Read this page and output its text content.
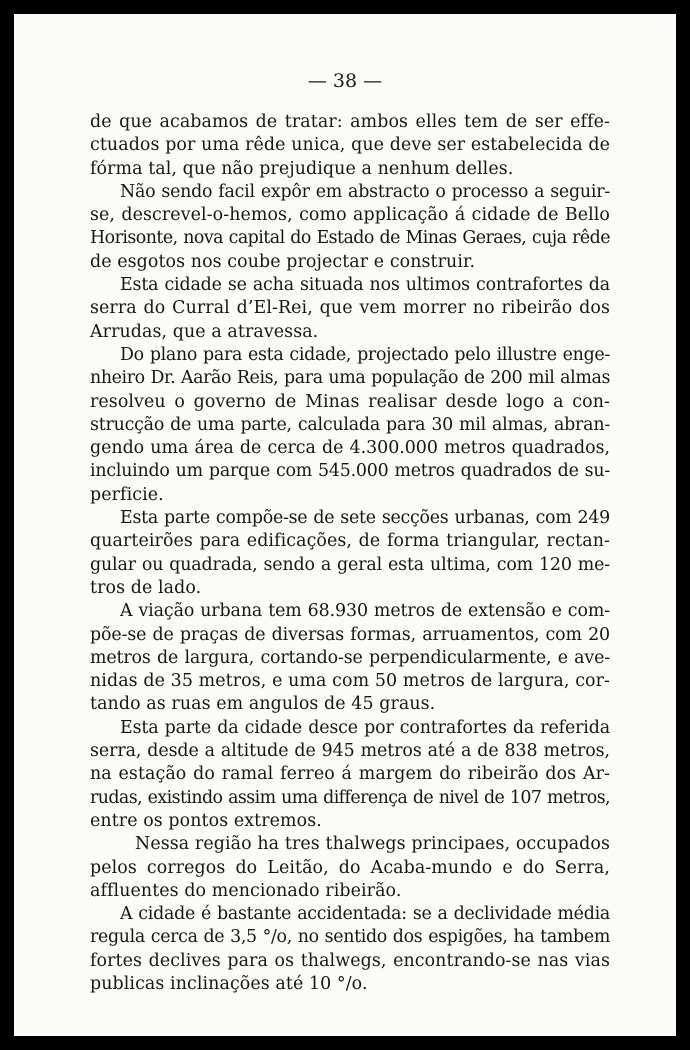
— 38 —
de que acabamos de tratar: ambos elles tem de ser effe-
ctuados por uma rêde unica, que deve ser estabelecida de
fórma tal, que não prejudique a nenhum delles.
Não sendo facil expôr em abstracto o processo a seguir-
se, descrevel-o-hemos, como applicação á cidade de Bello
Horisonte, nova capital do Estado de Minas Geraes, cuja rêde
de esgotos nos coube projectar e construir.
Esta cidade se acha situada nos ultimos contrafortes da
serra do Curral d’El-Rei, que vem morrer no ribeirão dos
Arrudas, que a atravessa.
Do plano para esta cidade, projectado pelo illustre enge-
nheiro Dr. Aarão Reis, para uma população de 200 mil almas
resolveu o governo de Minas realisar desde logo a con-
strucção de uma parte, calculada para 30 mil almas, abran-
gendo uma área de cerca de 4.300.000 metros quadrados,
incluindo um parque com 545.000 metros quadrados de su-
perficie.
Esta parte compõe-se de sete secções urbanas, com 249
quarteirões para edificações, de forma triangular, rectan-
gular ou quadrada, sendo a geral esta ultima, com 120 me-
tros de lado.
A viação urbana tem 68.930 metros de extensão e com-
põe-se de praças de diversas formas, arruamentos, com 20
metros de largura, cortando-se perpendicularmente, e ave-
nidas de 35 metros, e uma com 50 metros de largura, cor-
tando as ruas em angulos de 45 graus.
Esta parte da cidade desce por contrafortes da referida
serra, desde a altitude de 945 metros até a de 838 metros,
na estação do ramal ferreo á margem do ribeirão dos Ar-
rudas, existindo assim uma differença de nivel de 107 metros,
entre os pontos extremos.
Nessa região ha tres thalwegs principaes, occupados
pelos corregos do Leitão, do Acaba-mundo e do Serra,
affluentes do mencionado ribeirão.
A cidade é bastante accidentada: se a declividade média
regula cerca de 3,5 °/o, no sentido dos espigões, ha tambem
fortes declives para os thalwegs, encontrando-se nas vias
publicas inclinações até 10 °/o.
